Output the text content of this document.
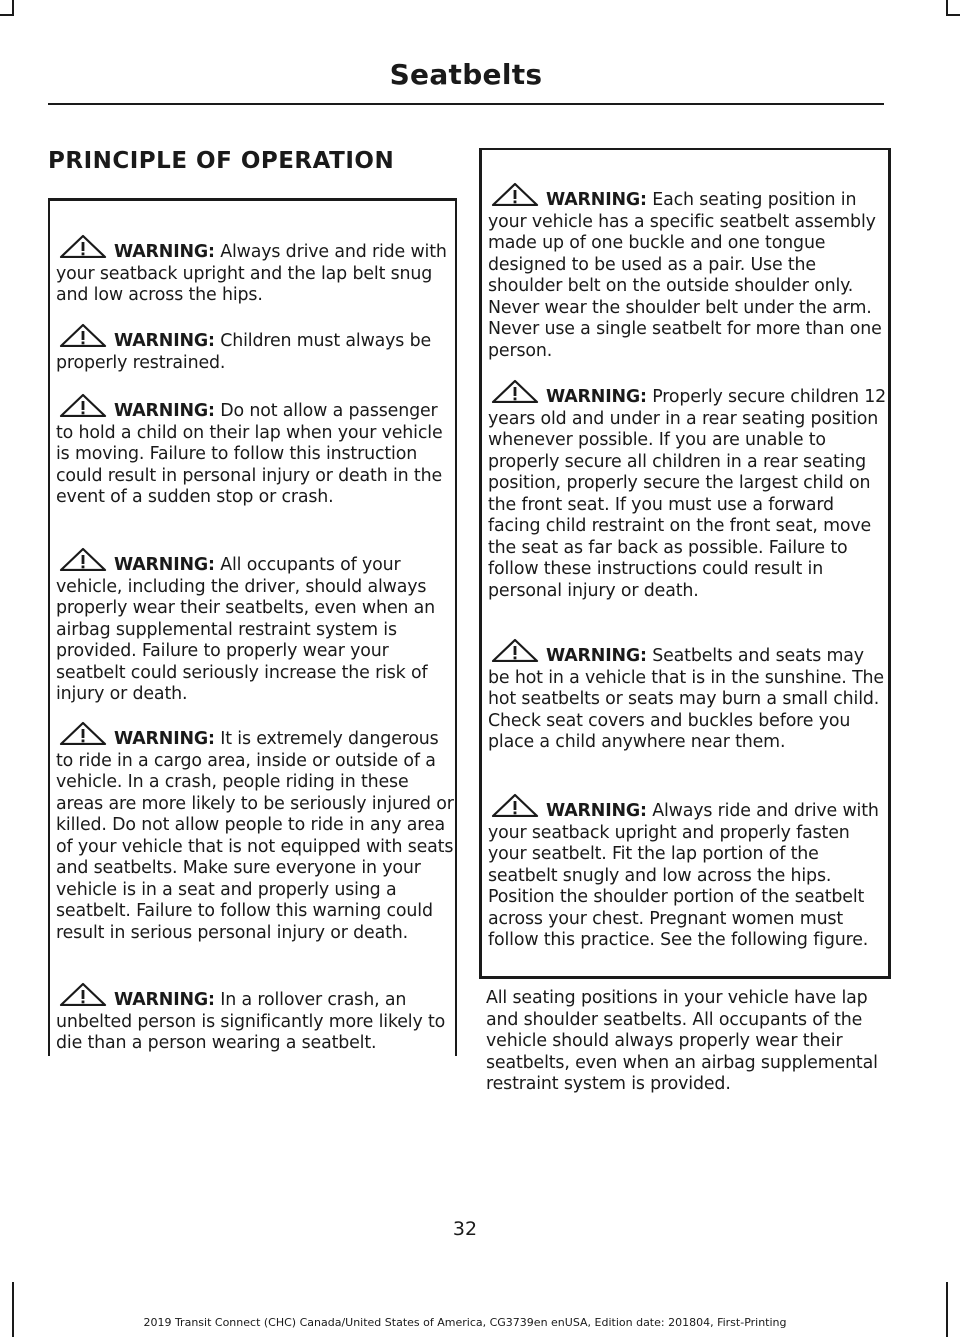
Seatbelts
PRINCIPLE OF OPERATION
WARNING: Always drive and ride with your seatback upright and the lap belt snug and low across the hips.
WARNING: Children must always be properly restrained.
WARNING: Do not allow a passenger to hold a child on their lap when your vehicle is moving. Failure to follow this instruction could result in personal injury or death in the event of a sudden stop or crash.
WARNING: All occupants of your vehicle, including the driver, should always properly wear their seatbelts, even when an airbag supplemental restraint system is provided. Failure to properly wear your seatbelt could seriously increase the risk of injury or death.
WARNING: It is extremely dangerous to ride in a cargo area, inside or outside of a vehicle. In a crash, people riding in these areas are more likely to be seriously injured or killed. Do not allow people to ride in any area of your vehicle that is not equipped with seats and seatbelts. Make sure everyone in your vehicle is in a seat and properly using a seatbelt. Failure to follow this warning could result in serious personal injury or death.
WARNING: In a rollover crash, an unbelted person is significantly more likely to die than a person wearing a seatbelt.
WARNING: Each seating position in your vehicle has a specific seatbelt assembly made up of one buckle and one tongue designed to be used as a pair. Use the shoulder belt on the outside shoulder only. Never wear the shoulder belt under the arm. Never use a single seatbelt for more than one person.
WARNING: Properly secure children 12 years old and under in a rear seating position whenever possible. If you are unable to properly secure all children in a rear seating position, properly secure the largest child on the front seat. If you must use a forward facing child restraint on the front seat, move the seat as far back as possible. Failure to follow these instructions could result in personal injury or death.
WARNING: Seatbelts and seats may be hot in a vehicle that is in the sunshine. The hot seatbelts or seats may burn a small child. Check seat covers and buckles before you place a child anywhere near them.
WARNING: Always ride and drive with your seatback upright and properly fasten your seatbelt. Fit the lap portion of the seatbelt snugly and low across the hips. Position the shoulder portion of the seatbelt across your chest. Pregnant women must follow this practice. See the following figure.
All seating positions in your vehicle have lap and shoulder seatbelts. All occupants of the vehicle should always properly wear their seatbelts, even when an airbag supplemental restraint system is provided.
32
2019 Transit Connect (CHC) Canada/United States of America, CG3739en enUSA, Edition date: 201804, First-Printing
